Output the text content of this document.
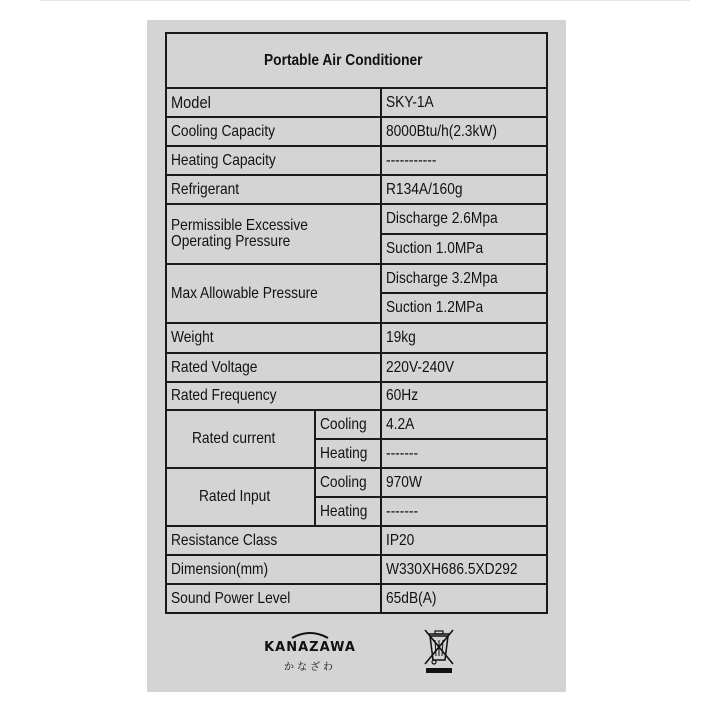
Portable Air Conditioner		
Model		SKY-1A
Cooling Capacity		8000Btu/h(2.3kW)
Heating Capacity		-----------
Refrigerant		R134A/160g
Permissible Excessive
Operating Pressure		Discharge 2.6Mpa
		Suction 1.0MPa
Max Allowable Pressure		Discharge 3.2Mpa
		Suction 1.2MPa
Weight		19kg
Rated Voltage		220V-240V
Rated Frequency		60Hz
Rated current	Cooling	4.2A
	Heating	-------
Rated Input	Cooling	970W
	Heating	-------
Resistance Class		IP20
Dimension(mm)		W330XH686.5XD292
Sound Power Level		65dB(A)
KANAZAWA
かなざわ
